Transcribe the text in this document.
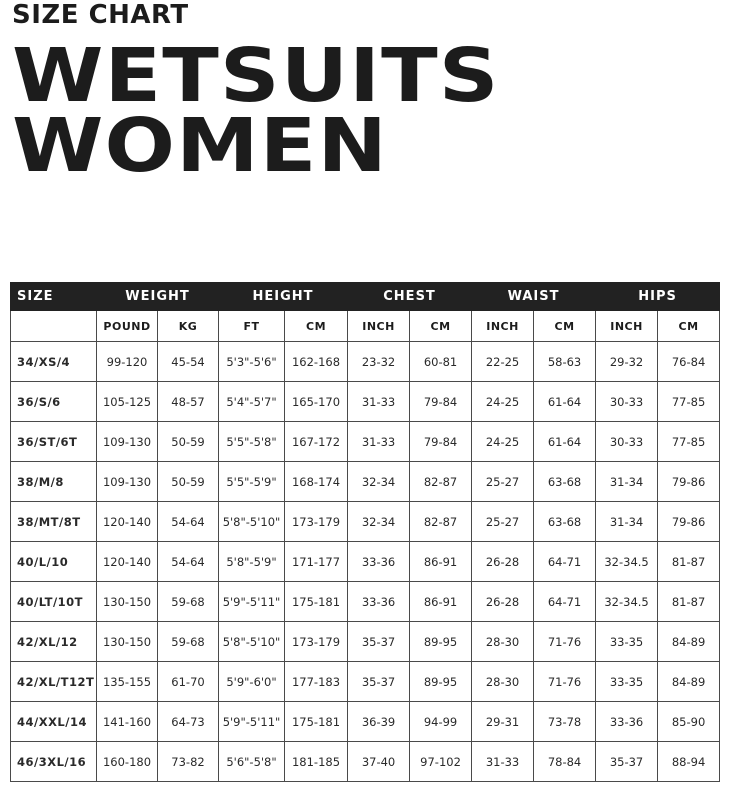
SIZE CHART
WETSUITS
WOMEN
SIZE	WEIGHT		HEIGHT		CHEST		WAIST		HIPS	
	POUND	KG	FT	CM	INCH	CM	INCH	CM	INCH	CM
34/XS/4	99-120	45-54	5'3"-5'6"	162-168	23-32	60-81	22-25	58-63	29-32	76-84
36/S/6	105-125	48-57	5'4"-5'7"	165-170	31-33	79-84	24-25	61-64	30-33	77-85
36/ST/6T	109-130	50-59	5'5"-5'8"	167-172	31-33	79-84	24-25	61-64	30-33	77-85
38/M/8	109-130	50-59	5'5"-5'9"	168-174	32-34	82-87	25-27	63-68	31-34	79-86
38/MT/8T	120-140	54-64	5'8"-5'10"	173-179	32-34	82-87	25-27	63-68	31-34	79-86
40/L/10	120-140	54-64	5'8"-5'9"	171-177	33-36	86-91	26-28	64-71	32-34.5	81-87
40/LT/10T	130-150	59-68	5'9"-5'11"	175-181	33-36	86-91	26-28	64-71	32-34.5	81-87
42/XL/12	130-150	59-68	5'8"-5'10"	173-179	35-37	89-95	28-30	71-76	33-35	84-89
42/XL/T12T	135-155	61-70	5'9"-6'0"	177-183	35-37	89-95	28-30	71-76	33-35	84-89
44/XXL/14	141-160	64-73	5'9"-5'11"	175-181	36-39	94-99	29-31	73-78	33-36	85-90
46/3XL/16	160-180	73-82	5'6"-5'8"	181-185	37-40	97-102	31-33	78-84	35-37	88-94
